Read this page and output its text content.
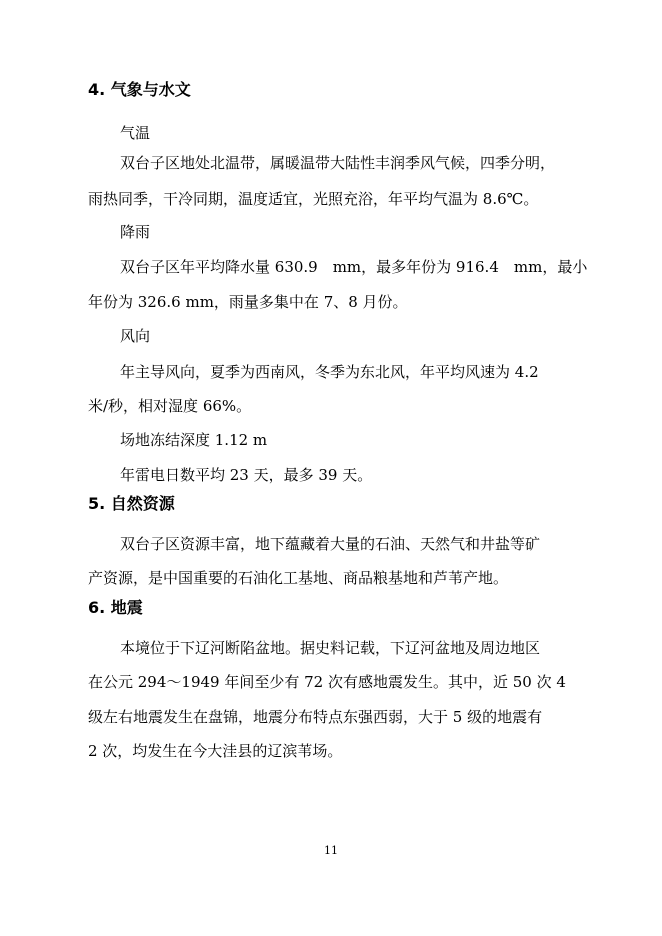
4. 气象与水文
气温
双台子区地处北温带，属暖温带大陆性丰润季风气候，四季分明，
雨热同季，干冷同期，温度适宜，光照充浴，年平均气温为 8.6℃。
降雨
双台子区年平均降水量 630.9　mm，最多年份为 916.4　mm，最小
年份为 326.6 mm，雨量多集中在 7、8 月份。
风向
年主导风向，夏季为西南风，冬季为东北风，年平均风速为 4.2
米/秒，相对湿度 66%。
场地冻结深度 1.12 m
年雷电日数平均 23 天，最多 39 天。
5. 自然资源
双台子区资源丰富，地下蕴藏着大量的石油、天然气和井盐等矿
产资源，是中国重要的石油化工基地、商品粮基地和芦苇产地。
6. 地震
本境位于下辽河断陷盆地。据史料记载，下辽河盆地及周边地区
在公元 294～1949 年间至少有 72 次有感地震发生。其中，近 50 次 4
级左右地震发生在盘锦，地震分布特点东强西弱，大于 5 级的地震有
2 次，均发生在今大洼县的辽滨苇场。
11
